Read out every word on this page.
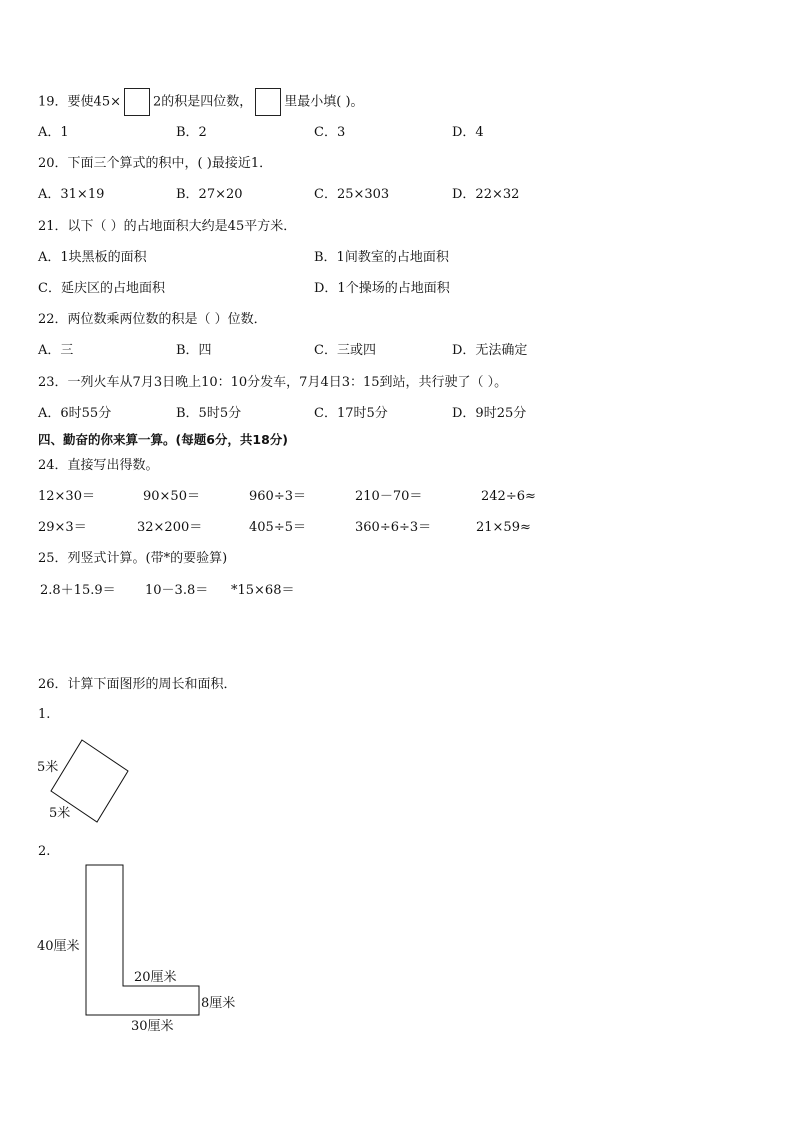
19．要使45× 2的积是四位数， 里最小填( )。
A．1	B．2	C．3	D．4
20．下面三个算式的积中，( )最接近1．
A．31×19	B．27×20	C．25×303	D．22×32
21．以下（ ）的占地面积大约是45平方米．
A．1块黑板的面积	B．1间教室的占地面积
C．延庆区的占地面积	D．1个操场的占地面积
22．两位数乘两位数的积是（ ）位数．
A．三	B．四	C．三或四	D．无法确定
23．一列火车从7月3日晚上10：10分发车，7月4日3：15到站，共行驶了（ ）。
A．6时55分	B．5时5分	C．17时5分	D．9时25分
四、勤奋的你来算一算。(每题6分，共18分)
24．直接写出得数。
12×30＝	90×50＝	960÷3＝	210－70＝	242÷6≈
29×3＝	32×200＝	405÷5＝	360÷6÷3＝	21×59≈
25．列竖式计算。(带*的要验算)
2.8＋15.9＝ 10－3.8＝ *15×68＝
26．计算下面图形的周长和面积．
1.
5米
5米
40厘米
20厘米
8厘米
30厘米
2.
